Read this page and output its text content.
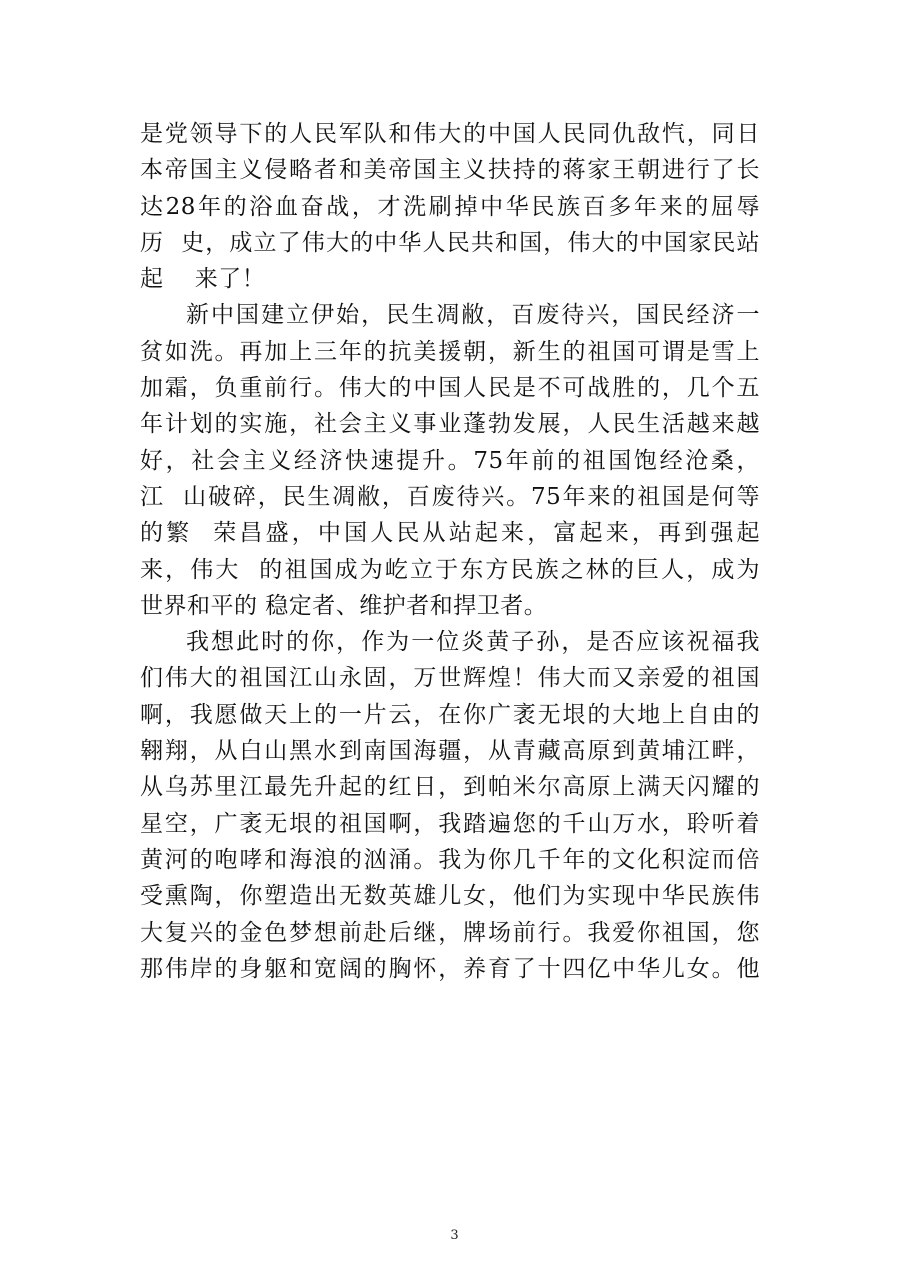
是党领导下的人民军队和伟大的中国人民同仇敌忾，同日
本帝国主义侵略者和美帝国主义扶持的蒋家王朝进行了长
达28年的浴血奋战，才洗刷掉中华民族百多年来的屈辱
历  史，成立了伟大的中华人民共和国，伟大的中国家民站
起    来了！
新中国建立伊始，民生凋敝，百废待兴，国民经济一
贫如洗。再加上三年的抗美援朝，新生的祖国可谓是雪上
加霜，负重前行。伟大的中国人民是不可战胜的，几个五
年计划的实施，社会主义事业蓬勃发展，人民生活越来越
好，社会主义经济快速提升。75年前的祖国饱经沧桑，
江  山破碎，民生凋敝，百废待兴。75年来的祖国是何等
的繁  荣昌盛，中国人民从站起来，富起来，再到强起
来，伟大  的祖国成为屹立于东方民族之林的巨人，成为
世界和平的 稳定者、维护者和捍卫者。
我想此时的你，作为一位炎黄子孙，是否应该祝福我
们伟大的祖国江山永固，万世辉煌！伟大而又亲爱的祖国
啊，我愿做天上的一片云，在你广袤无垠的大地上自由的
翱翔，从白山黑水到南国海疆，从青藏高原到黄埔江畔，
从乌苏里江最先升起的红日，到帕米尔高原上满天闪耀的
星空，广袤无垠的祖国啊，我踏遍您的千山万水，聆听着
黄河的咆哮和海浪的汹涌。我为你几千年的文化积淀而倍
受熏陶，你塑造出无数英雄儿女，他们为实现中华民族伟
大复兴的金色梦想前赴后继，牌场前行。我爱你祖国，您
那伟岸的身躯和宽阔的胸怀，养育了十四亿中华儿女。他
3
